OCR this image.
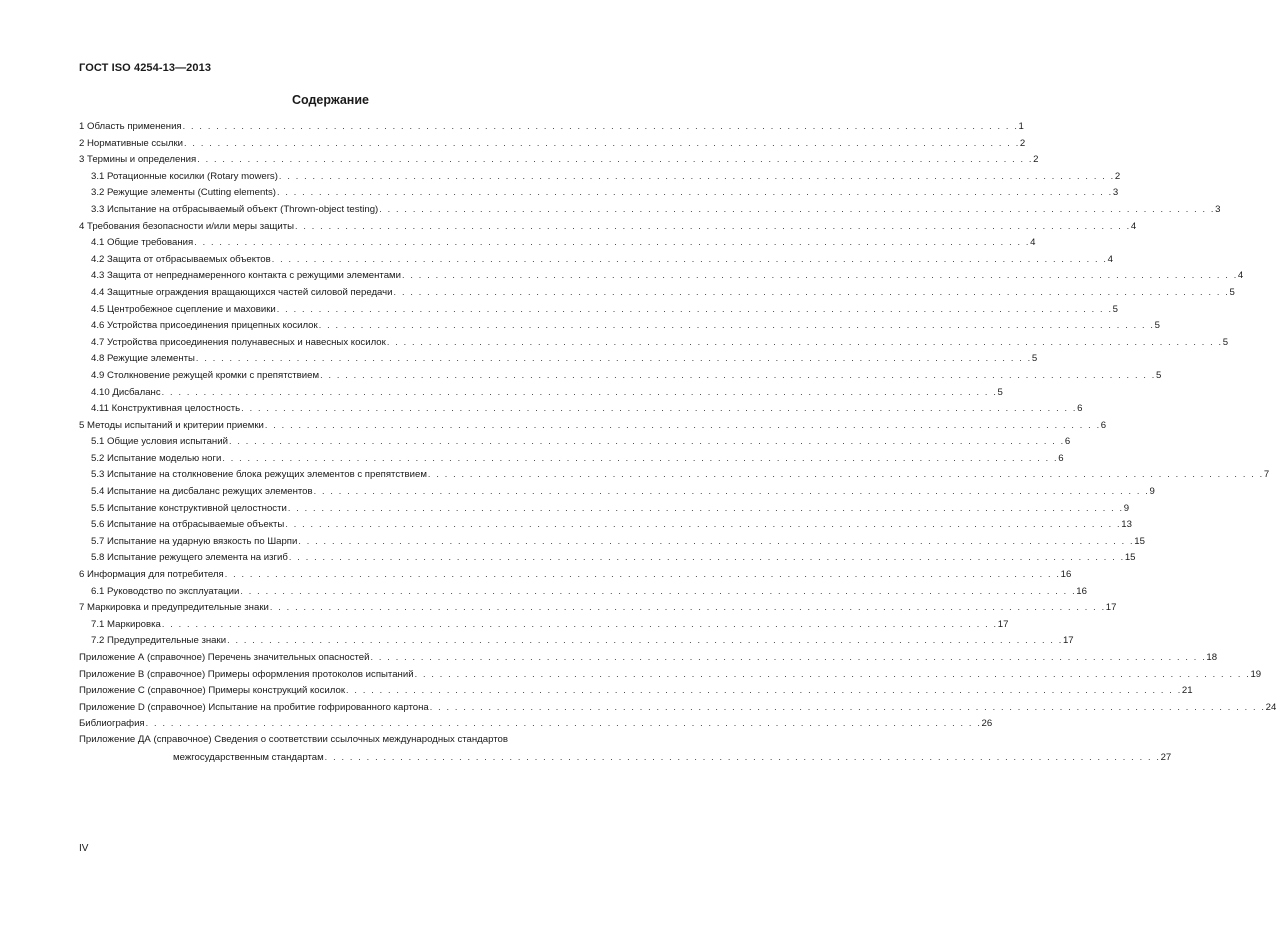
ГОСТ ISO 4254-13—2013
Содержание
1 Область применения . . . . . . . . . . . . . . . . . . . . . . . . . . . . . . . . . . . . . . . . . . . . . . . . . . . . . . . . . . . . . . . . . . . . . . . . . . . . . . . . . . . . . . . . . . . . . . . . . . . . 1
2 Нормативные ссылки . . . . . . . . . . . . . . . . . . . . . . . . . . . . . . . . . . . . . . . . . . . . . . . . . . . . . . . . . . . . . . . . . . . . . . . . . . . . . . . . . . . . . . . . . . . . . . . . . . . . 2
3 Термины и определения . . . . . . . . . . . . . . . . . . . . . . . . . . . . . . . . . . . . . . . . . . . . . . . . . . . . . . . . . . . . . . . . . . . . . . . . . . . . . . . . . . . . . . . . . . . . . . . . . . . . 2
3.1 Ротационные косилки (Rotary mowers) . . . . . . . . . . . . . . . . . . . . . . . . . . . . . . . . . . . . . . . . . . . . . . . . . . . . . . . . . . . . . . . . . . . . . . . . . . . . . . . . . . . . . . . . . . . . . . . . . . . . 2
3.2 Режущие элементы (Cutting elements) . . . . . . . . . . . . . . . . . . . . . . . . . . . . . . . . . . . . . . . . . . . . . . . . . . . . . . . . . . . . . . . . . . . . . . . . . . . . . . . . . . . . . . . . . . . . . . . . . . . . 3
3.3 Испытание на отбрасываемый объект (Thrown-object testing) . . . . . . . . . . . . . . . . . . . . . . . . . . . . . . . . . . . . . . . . . . . . . . . . . . . . . . . . . . . . . . . . . . . . . . . . . . . . . . . . . . . . . . . . . . . . . . . . . . . . 3
4 Требования безопасности и/или меры защиты . . . . . . . . . . . . . . . . . . . . . . . . . . . . . . . . . . . . . . . . . . . . . . . . . . . . . . . . . . . . . . . . . . . . . . . . . . . . . . . . . . . . . . . . . . . . . . . . . . . . 4
4.1 Общие требования . . . . . . . . . . . . . . . . . . . . . . . . . . . . . . . . . . . . . . . . . . . . . . . . . . . . . . . . . . . . . . . . . . . . . . . . . . . . . . . . . . . . . . . . . . . . . . . . . . . . 4
4.2 Защита от отбрасываемых объектов . . . . . . . . . . . . . . . . . . . . . . . . . . . . . . . . . . . . . . . . . . . . . . . . . . . . . . . . . . . . . . . . . . . . . . . . . . . . . . . . . . . . . . . . . . . . . . . . . . . . 4
4.3 Защита от непреднамеренного контакта с режущими элементами . . . . . . . . . . . . . . . . . . . . . . . . . . . . . . . . . . . . . . . . . . . . . . . . . . . . . . . . . . . . . . . . . . . . . . . . . . . . . . . . . . . . . . . . . . . . . . . . . . . . 4
4.4 Защитные ограждения вращающихся частей силовой передачи . . . . . . . . . . . . . . . . . . . . . . . . . . . . . . . . . . . . . . . . . . . . . . . . . . . . . . . . . . . . . . . . . . . . . . . . . . . . . . . . . . . . . . . . . . . . . . . . . . . . 5
4.5 Центробежное сцепление и маховики . . . . . . . . . . . . . . . . . . . . . . . . . . . . . . . . . . . . . . . . . . . . . . . . . . . . . . . . . . . . . . . . . . . . . . . . . . . . . . . . . . . . . . . . . . . . . . . . . . . . 5
4.6 Устройства присоединения прицепных косилок . . . . . . . . . . . . . . . . . . . . . . . . . . . . . . . . . . . . . . . . . . . . . . . . . . . . . . . . . . . . . . . . . . . . . . . . . . . . . . . . . . . . . . . . . . . . . . . . . . . . 5
4.7 Устройства присоединения полунавесных и навесных косилок . . . . . . . . . . . . . . . . . . . . . . . . . . . . . . . . . . . . . . . . . . . . . . . . . . . . . . . . . . . . . . . . . . . . . . . . . . . . . . . . . . . . . . . . . . . . . . . . . . . . 5
4.8 Режущие элементы . . . . . . . . . . . . . . . . . . . . . . . . . . . . . . . . . . . . . . . . . . . . . . . . . . . . . . . . . . . . . . . . . . . . . . . . . . . . . . . . . . . . . . . . . . . . . . . . . . . . 5
4.9 Столкновение режущей кромки с препятствием . . . . . . . . . . . . . . . . . . . . . . . . . . . . . . . . . . . . . . . . . . . . . . . . . . . . . . . . . . . . . . . . . . . . . . . . . . . . . . . . . . . . . . . . . . . . . . . . . . . . 5
4.10 Дисбаланс . . . . . . . . . . . . . . . . . . . . . . . . . . . . . . . . . . . . . . . . . . . . . . . . . . . . . . . . . . . . . . . . . . . . . . . . . . . . . . . . . . . . . . . . . . . . . . . . . . . . 5
4.11 Конструктивная целостность . . . . . . . . . . . . . . . . . . . . . . . . . . . . . . . . . . . . . . . . . . . . . . . . . . . . . . . . . . . . . . . . . . . . . . . . . . . . . . . . . . . . . . . . . . . . . . . . . . . . 6
5 Методы испытаний и критерии приемки . . . . . . . . . . . . . . . . . . . . . . . . . . . . . . . . . . . . . . . . . . . . . . . . . . . . . . . . . . . . . . . . . . . . . . . . . . . . . . . . . . . . . . . . . . . . . . . . . . . . 6
5.1 Общие условия испытаний . . . . . . . . . . . . . . . . . . . . . . . . . . . . . . . . . . . . . . . . . . . . . . . . . . . . . . . . . . . . . . . . . . . . . . . . . . . . . . . . . . . . . . . . . . . . . . . . . . . . 6
5.2 Испытание моделью ноги . . . . . . . . . . . . . . . . . . . . . . . . . . . . . . . . . . . . . . . . . . . . . . . . . . . . . . . . . . . . . . . . . . . . . . . . . . . . . . . . . . . . . . . . . . . . . . . . . . . . 6
5.3 Испытание на столкновение блока режущих элементов с препятствием . . . . . . . . . . . . . . . . . . . . . . . . . . . . . . . . . . . . . . . . . . . . . . . . . . . . . . . . . . . . . . . . . . . . . . . . . . . . . . . . . . . . . . . . . . . . . . . . . . . . 7
5.4 Испытание на дисбаланс режущих элементов . . . . . . . . . . . . . . . . . . . . . . . . . . . . . . . . . . . . . . . . . . . . . . . . . . . . . . . . . . . . . . . . . . . . . . . . . . . . . . . . . . . . . . . . . . . . . . . . . . . . 9
5.5 Испытание конструктивной целостности . . . . . . . . . . . . . . . . . . . . . . . . . . . . . . . . . . . . . . . . . . . . . . . . . . . . . . . . . . . . . . . . . . . . . . . . . . . . . . . . . . . . . . . . . . . . . . . . . . . . 9
5.6 Испытание на отбрасываемые объекты . . . . . . . . . . . . . . . . . . . . . . . . . . . . . . . . . . . . . . . . . . . . . . . . . . . . . . . . . . . . . . . . . . . . . . . . . . . . . . . . . . . . . . . . . . . . . . . . . . . . 13
5.7 Испытание на ударную вязкость по Шарпи . . . . . . . . . . . . . . . . . . . . . . . . . . . . . . . . . . . . . . . . . . . . . . . . . . . . . . . . . . . . . . . . . . . . . . . . . . . . . . . . . . . . . . . . . . . . . . . . . . . . 15
5.8 Испытание режущего элемента на изгиб . . . . . . . . . . . . . . . . . . . . . . . . . . . . . . . . . . . . . . . . . . . . . . . . . . . . . . . . . . . . . . . . . . . . . . . . . . . . . . . . . . . . . . . . . . . . . . . . . . . . 15
6 Информация для потребителя . . . . . . . . . . . . . . . . . . . . . . . . . . . . . . . . . . . . . . . . . . . . . . . . . . . . . . . . . . . . . . . . . . . . . . . . . . . . . . . . . . . . . . . . . . . . . . . . . . . . 16
6.1 Руководство по эксплуатации . . . . . . . . . . . . . . . . . . . . . . . . . . . . . . . . . . . . . . . . . . . . . . . . . . . . . . . . . . . . . . . . . . . . . . . . . . . . . . . . . . . . . . . . . . . . . . . . . . . . 16
7 Маркировка и предупредительные знаки . . . . . . . . . . . . . . . . . . . . . . . . . . . . . . . . . . . . . . . . . . . . . . . . . . . . . . . . . . . . . . . . . . . . . . . . . . . . . . . . . . . . . . . . . . . . . . . . . . . . 17
7.1 Маркировка . . . . . . . . . . . . . . . . . . . . . . . . . . . . . . . . . . . . . . . . . . . . . . . . . . . . . . . . . . . . . . . . . . . . . . . . . . . . . . . . . . . . . . . . . . . . . . . . . . . . 17
7.2 Предупредительные знаки . . . . . . . . . . . . . . . . . . . . . . . . . . . . . . . . . . . . . . . . . . . . . . . . . . . . . . . . . . . . . . . . . . . . . . . . . . . . . . . . . . . . . . . . . . . . . . . . . . . . 17
Приложение А (справочное) Перечень значительных опасностей . . . . . . . . . . . . . . . . . . . . . . . . . . . . . . . . . . . . . . . . . . . . . . . . . . . . . . . . . . . . . . . . . . . . . . . . . . . . . . . . . . . . . . . . . . . . . . . . . . . . 18
Приложение В (справочное) Примеры оформления протоколов испытаний . . . . . . . . . . . . . . . . . . . . . . . . . . . . . . . . . . . . . . . . . . . . . . . . . . . . . . . . . . . . . . . . . . . . . . . . . . . . . . . . . . . . . . . . . . . . . . . . . . . . 19
Приложение С (справочное) Примеры конструкций косилок . . . . . . . . . . . . . . . . . . . . . . . . . . . . . . . . . . . . . . . . . . . . . . . . . . . . . . . . . . . . . . . . . . . . . . . . . . . . . . . . . . . . . . . . . . . . . . . . . . . . 21
Приложение D (справочное) Испытание на пробитие гофрированного картона . . . . . . . . . . . . . . . . . . . . . . . . . . . . . . . . . . . . . . . . . . . . . . . . . . . . . . . . . . . . . . . . . . . . . . . . . . . . . . . . . . . . . . . . . . . . . . . . . . . . 24
Библиография . . . . . . . . . . . . . . . . . . . . . . . . . . . . . . . . . . . . . . . . . . . . . . . . . . . . . . . . . . . . . . . . . . . . . . . . . . . . . . . . . . . . . . . . . . . . . . . . . . . . 26
Приложение ДА (справочное) Сведения о соответствии ссылочных международных стандартов
межгосударственным стандартам . . . . . . . . . . . . . . . . . . . . . . . . . . . . . . . . . . . . . . . . . . . . . . . . . . . . . . . . . . . . . . . . . . . . . . . . . . . . . . . . . . . . . . . . . . . . . . . . . . . . 27
IV
